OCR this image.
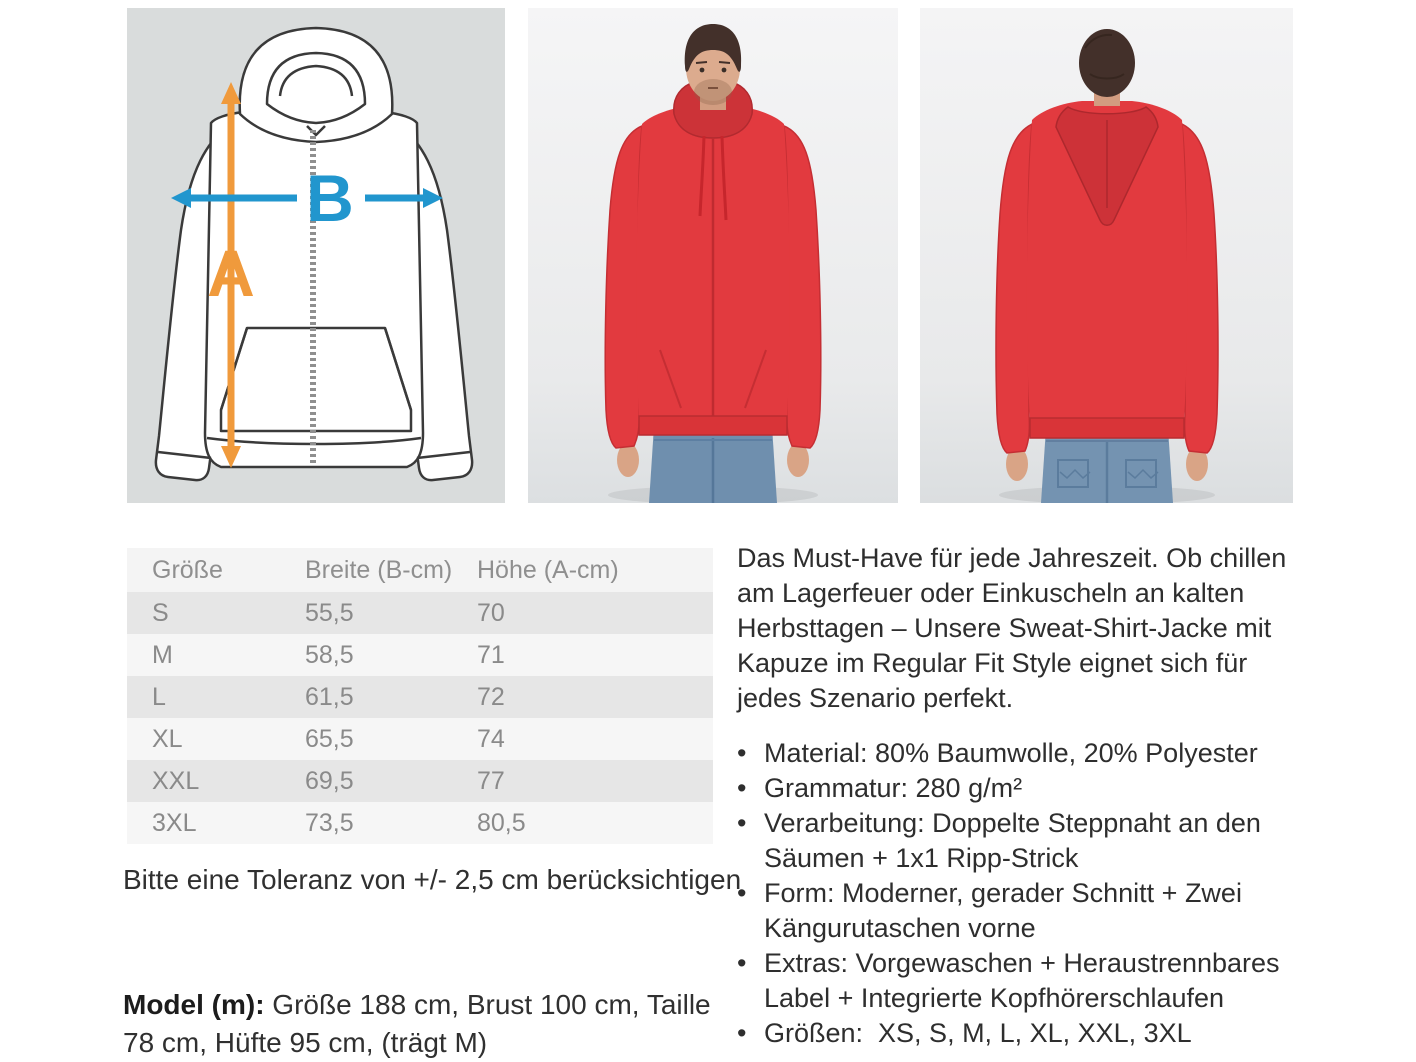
A
B
Größe	Breite (B-cm) Höhe (A-cm)
S	55,5	70
M	58,5	71
L	61,5	72
XL	65,5	74
XXL	69,5	77
3XL	73,5	80,5
Bitte eine Toleranz von +/- 2,5 cm berücksichtigen
Model (m): Größe 188 cm, Brust 100 cm, Taille 78 cm, Hüfte 95 cm, (trägt M)

Das Must-Have für jede Jahreszeit. Ob chillen am Lagerfeuer oder Einkuscheln an kalten Herbsttagen – Unsere Sweat-Shirt-Jacke mit Kapuze im Regular Fit Style eignet sich für jedes Szenario perfekt.

• Material: 80% Baumwolle, 20% Polyester
• Grammatur: 280 g/m²
• Verarbeitung: Doppelte Steppnaht an den Säumen + 1x1 Ripp-Strick
• Form: Moderner, gerader Schnitt + Zwei Kängurutaschen vorne
• Extras: Vorgewaschen + Heraustrennbares Label + Integrierte Kopfhörerschlaufen
• Größen:  XS, S, M, L, XL, XXL, 3XL
